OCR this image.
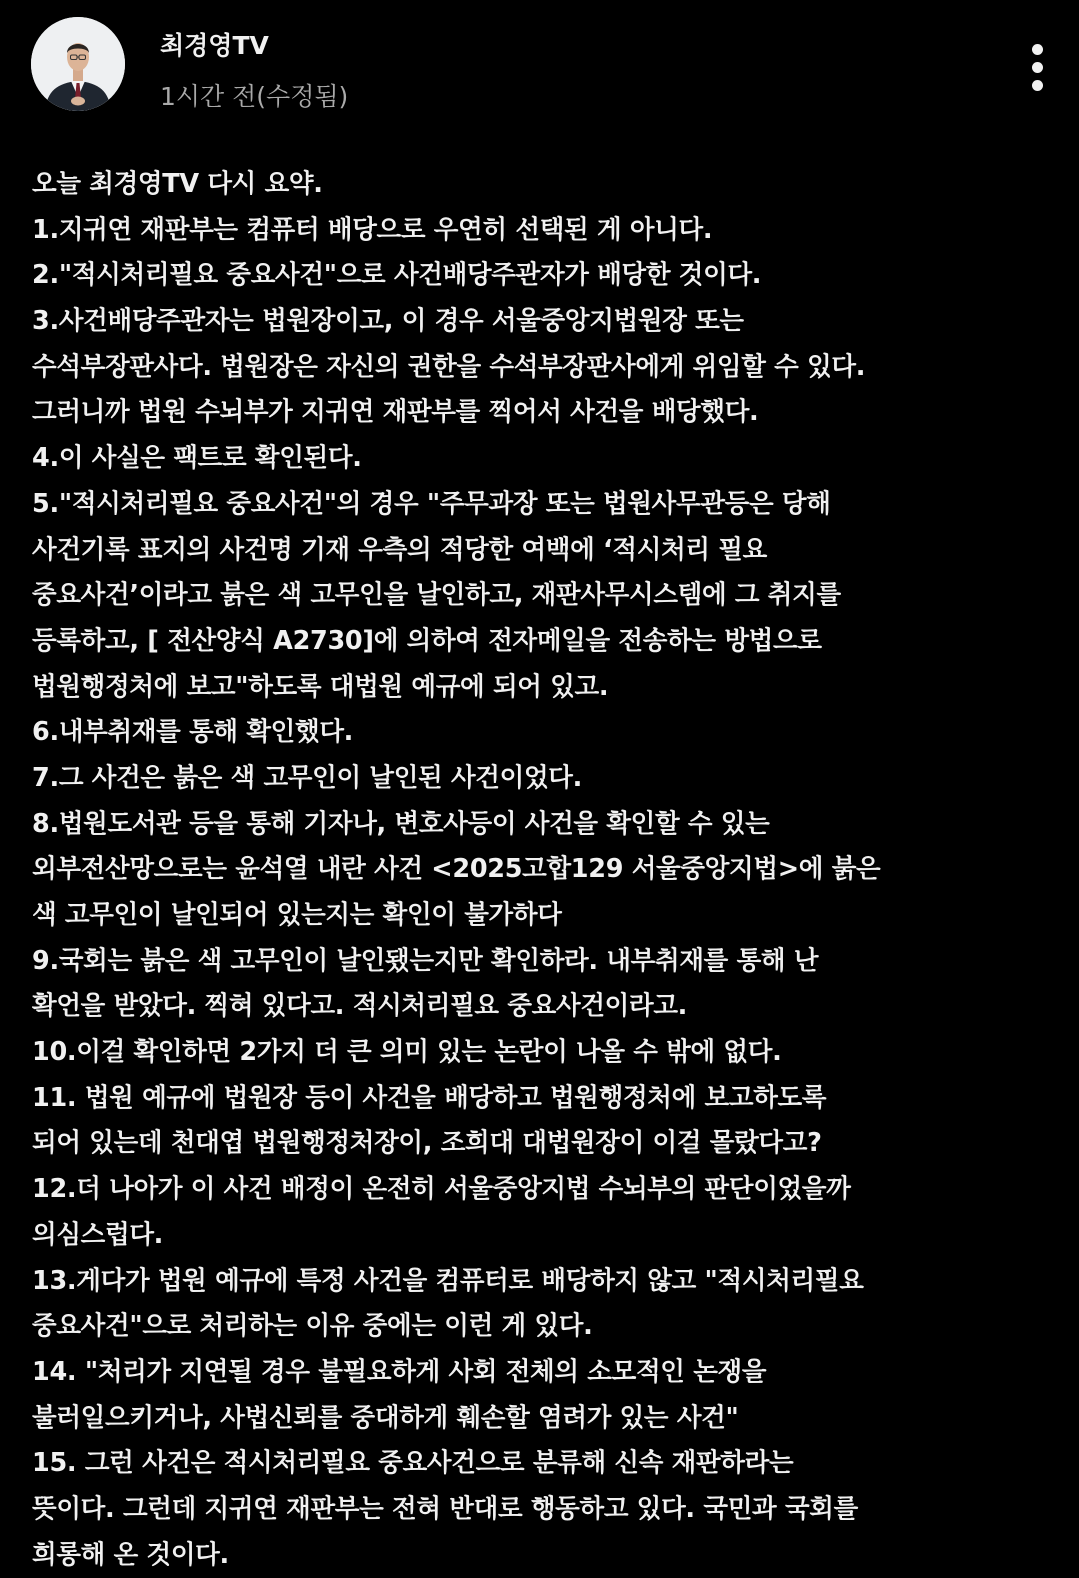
최경영TV
1시간 전(수정됨)
오늘 최경영TV 다시 요약.
1.지귀연 재판부는 컴퓨터 배당으로 우연히 선택된 게 아니다.
2."적시처리필요 중요사건"으로 사건배당주관자가 배당한 것이다.
3.사건배당주관자는 법원장이고, 이 경우 서울중앙지법원장 또는
수석부장판사다. 법원장은 자신의 권한을 수석부장판사에게 위임할 수 있다.
그러니까 법원 수뇌부가 지귀연 재판부를 찍어서 사건을 배당했다.
4.이 사실은 팩트로 확인된다.
5."적시처리필요 중요사건"의 경우 "주무과장 또는 법원사무관등은 당해
사건기록 표지의 사건명 기재 우측의 적당한 여백에 ‘적시처리 필요
중요사건’이라고 붉은 색 고무인을 날인하고, 재판사무시스템에 그 취지를
등록하고, [ 전산양식 A2730]에 의하여 전자메일을 전송하는 방법으로
법원행정처에 보고"하도록 대법원 예규에 되어 있고.
6.내부취재를 통해 확인했다.
7.그 사건은 붉은 색 고무인이 날인된 사건이었다.
8.법원도서관 등을 통해 기자나, 변호사등이 사건을 확인할 수 있는
외부전산망으로는 윤석열 내란 사건 <2025고합129 서울중앙지법>에 붉은
색 고무인이 날인되어 있는지는 확인이 불가하다
9.국회는 붉은 색 고무인이 날인됐는지만 확인하라. 내부취재를 통해 난
확언을 받았다. 찍혀 있다고. 적시처리필요 중요사건이라고.
10.이걸 확인하면 2가지 더 큰 의미 있는 논란이 나올 수 밖에 없다.
11. 법원 예규에 법원장 등이 사건을 배당하고 법원행정처에 보고하도록
되어 있는데 천대엽 법원행정처장이, 조희대 대법원장이 이걸 몰랐다고?
12.더 나아가 이 사건 배정이 온전히 서울중앙지법 수뇌부의 판단이었을까
의심스럽다.
13.게다가 법원 예규에 특정 사건을 컴퓨터로 배당하지 않고 "적시처리필요
중요사건"으로 처리하는 이유 중에는 이런 게 있다.
14. "처리가 지연될 경우 불필요하게 사회 전체의 소모적인 논쟁을
불러일으키거나, 사법신뢰를 중대하게 훼손할 염려가 있는 사건"
15. 그런 사건은 적시처리필요 중요사건으로 분류해 신속 재판하라는
뜻이다. 그런데 지귀연 재판부는 전혀 반대로 행동하고 있다. 국민과 국회를
희롱해 온 것이다.
